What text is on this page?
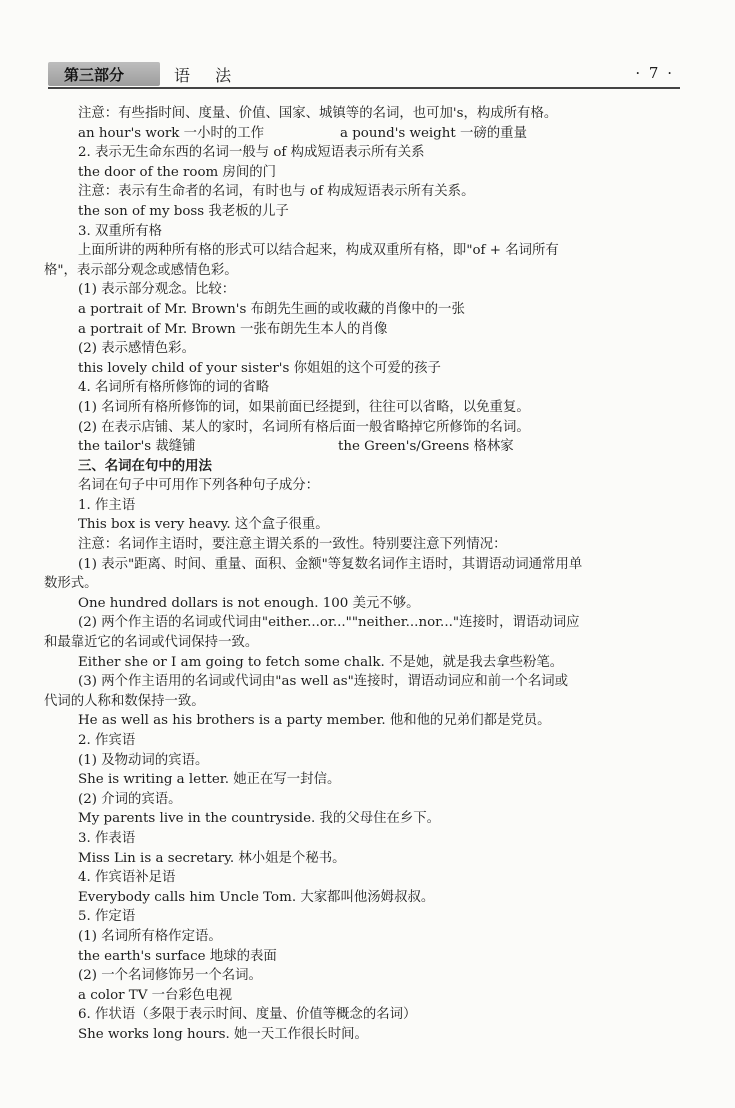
第三部分	语 法	· 7 ·
注意：有些指时间、度量、价值、国家、城镇等的名词，也可加's，构成所有格。
an hour's work 一小时的工作	a pound's weight 一磅的重量
2. 表示无生命东西的名词一般与 of 构成短语表示所有关系
the door of the room 房间的门
注意：表示有生命者的名词，有时也与 of 构成短语表示所有关系。
the son of my boss 我老板的儿子
3. 双重所有格
上面所讲的两种所有格的形式可以结合起来，构成双重所有格，即"of + 名词所有
格"，表示部分观念或感情色彩。
(1) 表示部分观念。比较：
a portrait of Mr. Brown's 布朗先生画的或收藏的肖像中的一张
a portrait of Mr. Brown 一张布朗先生本人的肖像
(2) 表示感情色彩。
this lovely child of your sister's 你姐姐的这个可爱的孩子
4. 名词所有格所修饰的词的省略
(1) 名词所有格所修饰的词，如果前面已经提到，往往可以省略，以免重复。
(2) 在表示店铺、某人的家时，名词所有格后面一般省略掉它所修饰的名词。
the tailor's 裁缝铺	the Green's/Greens 格林家
三、名词在句中的用法
名词在句子中可用作下列各种句子成分：
1. 作主语
This box is very heavy. 这个盒子很重。
注意：名词作主语时，要注意主谓关系的一致性。特别要注意下列情况：
(1) 表示"距离、时间、重量、面积、金额"等复数名词作主语时，其谓语动词通常用单
数形式。
One hundred dollars is not enough. 100 美元不够。
(2) 两个作主语的名词或代词由"either...or...""neither...nor..."连接时，谓语动词应
和最靠近它的名词或代词保持一致。
Either she or I am going to fetch some chalk. 不是她，就是我去拿些粉笔。
(3) 两个作主语用的名词或代词由"as well as"连接时，谓语动词应和前一个名词或
代词的人称和数保持一致。
He as well as his brothers is a party member. 他和他的兄弟们都是党员。
2. 作宾语
(1) 及物动词的宾语。
She is writing a letter. 她正在写一封信。
(2) 介词的宾语。
My parents live in the countryside. 我的父母住在乡下。
3. 作表语
Miss Lin is a secretary. 林小姐是个秘书。
4. 作宾语补足语
Everybody calls him Uncle Tom. 大家都叫他汤姆叔叔。
5. 作定语
(1) 名词所有格作定语。
the earth's surface 地球的表面
(2) 一个名词修饰另一个名词。
a color TV 一台彩色电视
6. 作状语（多限于表示时间、度量、价值等概念的名词）
She works long hours. 她一天工作很长时间。
